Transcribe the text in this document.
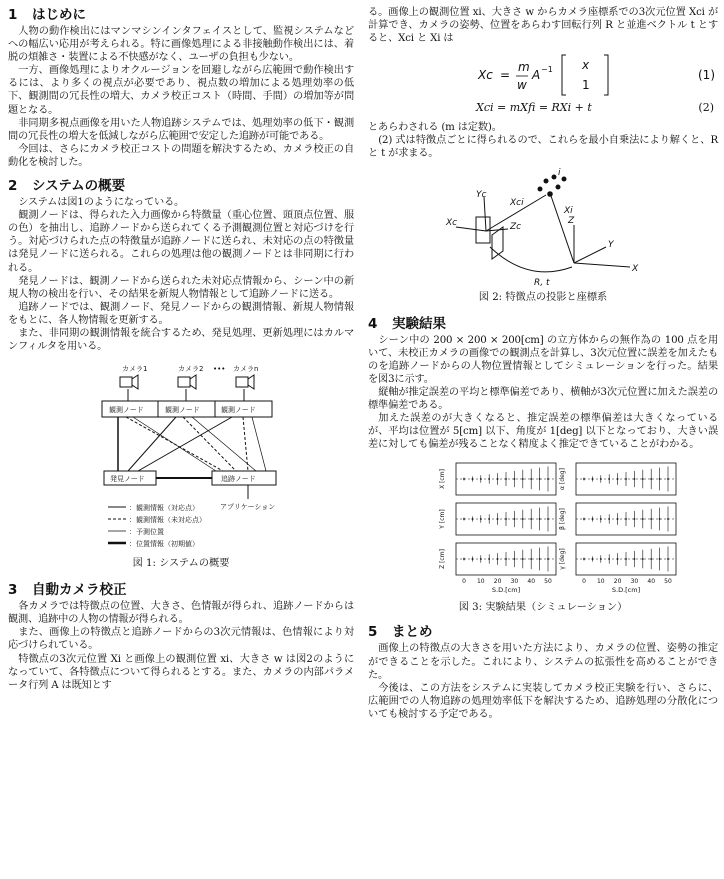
1 はじめに

人物の動作検出にはマンマシンインタフェイスとして、監視システムなどへの幅広い応用が考えられる。特に画像処理による非接触動作検出には、着脱の煩雑さ・装置による不快感がなく、ユーザの負担も少ない。

一方、画像処理によりオクルージョンを回避しながら広範囲で動作検出するには、より多くの視点が必要であり、視点数の増加による処理効率の低下、観測間の冗長性の増大、カメラ校正コスト（時間、手間）の増加等が問題となる。

非同期多視点画像を用いた人物追跡システムでは、処理効率の低下・観測間の冗長性の増大を低減しながら広範囲で安定した追跡が可能である。

今回は、さらにカメラ校正コストの問題を解決するため、カメラ校正の自動化を検討した。

2 システムの概要

システムは図1のようになっている。

観測ノードは、得られた入力画像から特徴量（重心位置、頭頂点位置、服の色）を抽出し、追跡ノードから送られてくる予測観測位置と対応づけを行う。対応づけられた点の特徴量が追跡ノードに送られ、未対応の点の特徴量は発見ノードに送られる。これらの処理は他の観測ノードとは非同期に行われる。

発見ノードは、観測ノードから送られた未対応点情報から、シーン中の新規人物の検出を行い、その結果を新規人物情報として追跡ノードに送る。

追跡ノードでは、観測ノード、発見ノードからの観測情報、新規人物情報をもとに、各人物情報を更新する。

また、非同期の観測情報を統合するため、発見処理、更新処理にはカルマンフィルタを用いる。

カメラ1	カメラ2 ••• カメラn
観測ノード	観測ノード	観測ノード
発見ノード	追跡ノード
アプリケーション
：観測情報（対応点）
：観測情報（未対応点）
：予測位置
：位置情報（初期値）
図 1: システムの概要
3 自動カメラ校正

各カメラでは特徴点の位置、大きさ、色情報が得られ、追跡ノードからは観測、追跡中の人物の情報が得られる。

また、画像上の特徴点と追跡ノードからの3次元情報は、色情報により対応づけられている。

特徴点の3次元位置 Xi と画像上の観測位置 xi、大きさ w は図2のようになっていて、各特徴点について得られるとする。また、カメラの内部パラメータ行列 A は既知とす

る。画像上の観測位置 xi、大きさ w からカメラ座標系での3次元位置 Xci が計算でき、カメラの姿勢、位置をあらわす回転行列 R と並進ベクトル t とすると、Xci と Xi は

Xc =
m
w
A −1 x
1
(1)
Xci = mXfi = RXi + t	(2)

とあらわされる (m は定数)。

(2) 式は特徴点ごとに得られるので、これらを最小自乗法により解くと、R と t が求まる。

i
Xc
Yc
Zc
Xci
Xi
Z
Y
X
R, t
図 2: 特徴点の投影と座標系
4 実験結果

シーン中の 200 × 200 × 200[cm] の立方体からの無作為の 100 点を用いて、未校正カメラの画像での観測点を計算し、3次元位置に誤差を加えたものを追跡ノードからの人物位置情報としてシミュレーションを行った。結果を図3に示す。

縦軸が推定誤差の平均と標準偏差であり、横軸が3次元位置に加えた誤差の標準偏差である。

加えた誤差のが大きくなると、推定誤差の標準偏差は大きくなっているが、平均は位置が 5[cm] 以下、角度が 1[deg] 以下となっており、大きい誤差に対しても偏差が残ることなく精度よく推定できていることがわかる。

X [cm]	α [deg]
Y [cm]	β [deg]
Z [cm]	γ [deg]
0 10 20 30 40 50
S.D.[cm]
0 10 20 30 40 50
S.D.[cm]
図 3: 実験結果（シミュレーション）
5 まとめ

画像上の特徴点の大きさを用いた方法により、カメラの位置、姿勢の推定ができることを示した。これにより、システムの拡張性を高めることができた。

今後は、この方法をシステムに実装してカメラ校正実験を行い、さらに、広範囲での人物追跡の処理効率低下を解決するため、追跡処理の分散化についても検討する予定である。
